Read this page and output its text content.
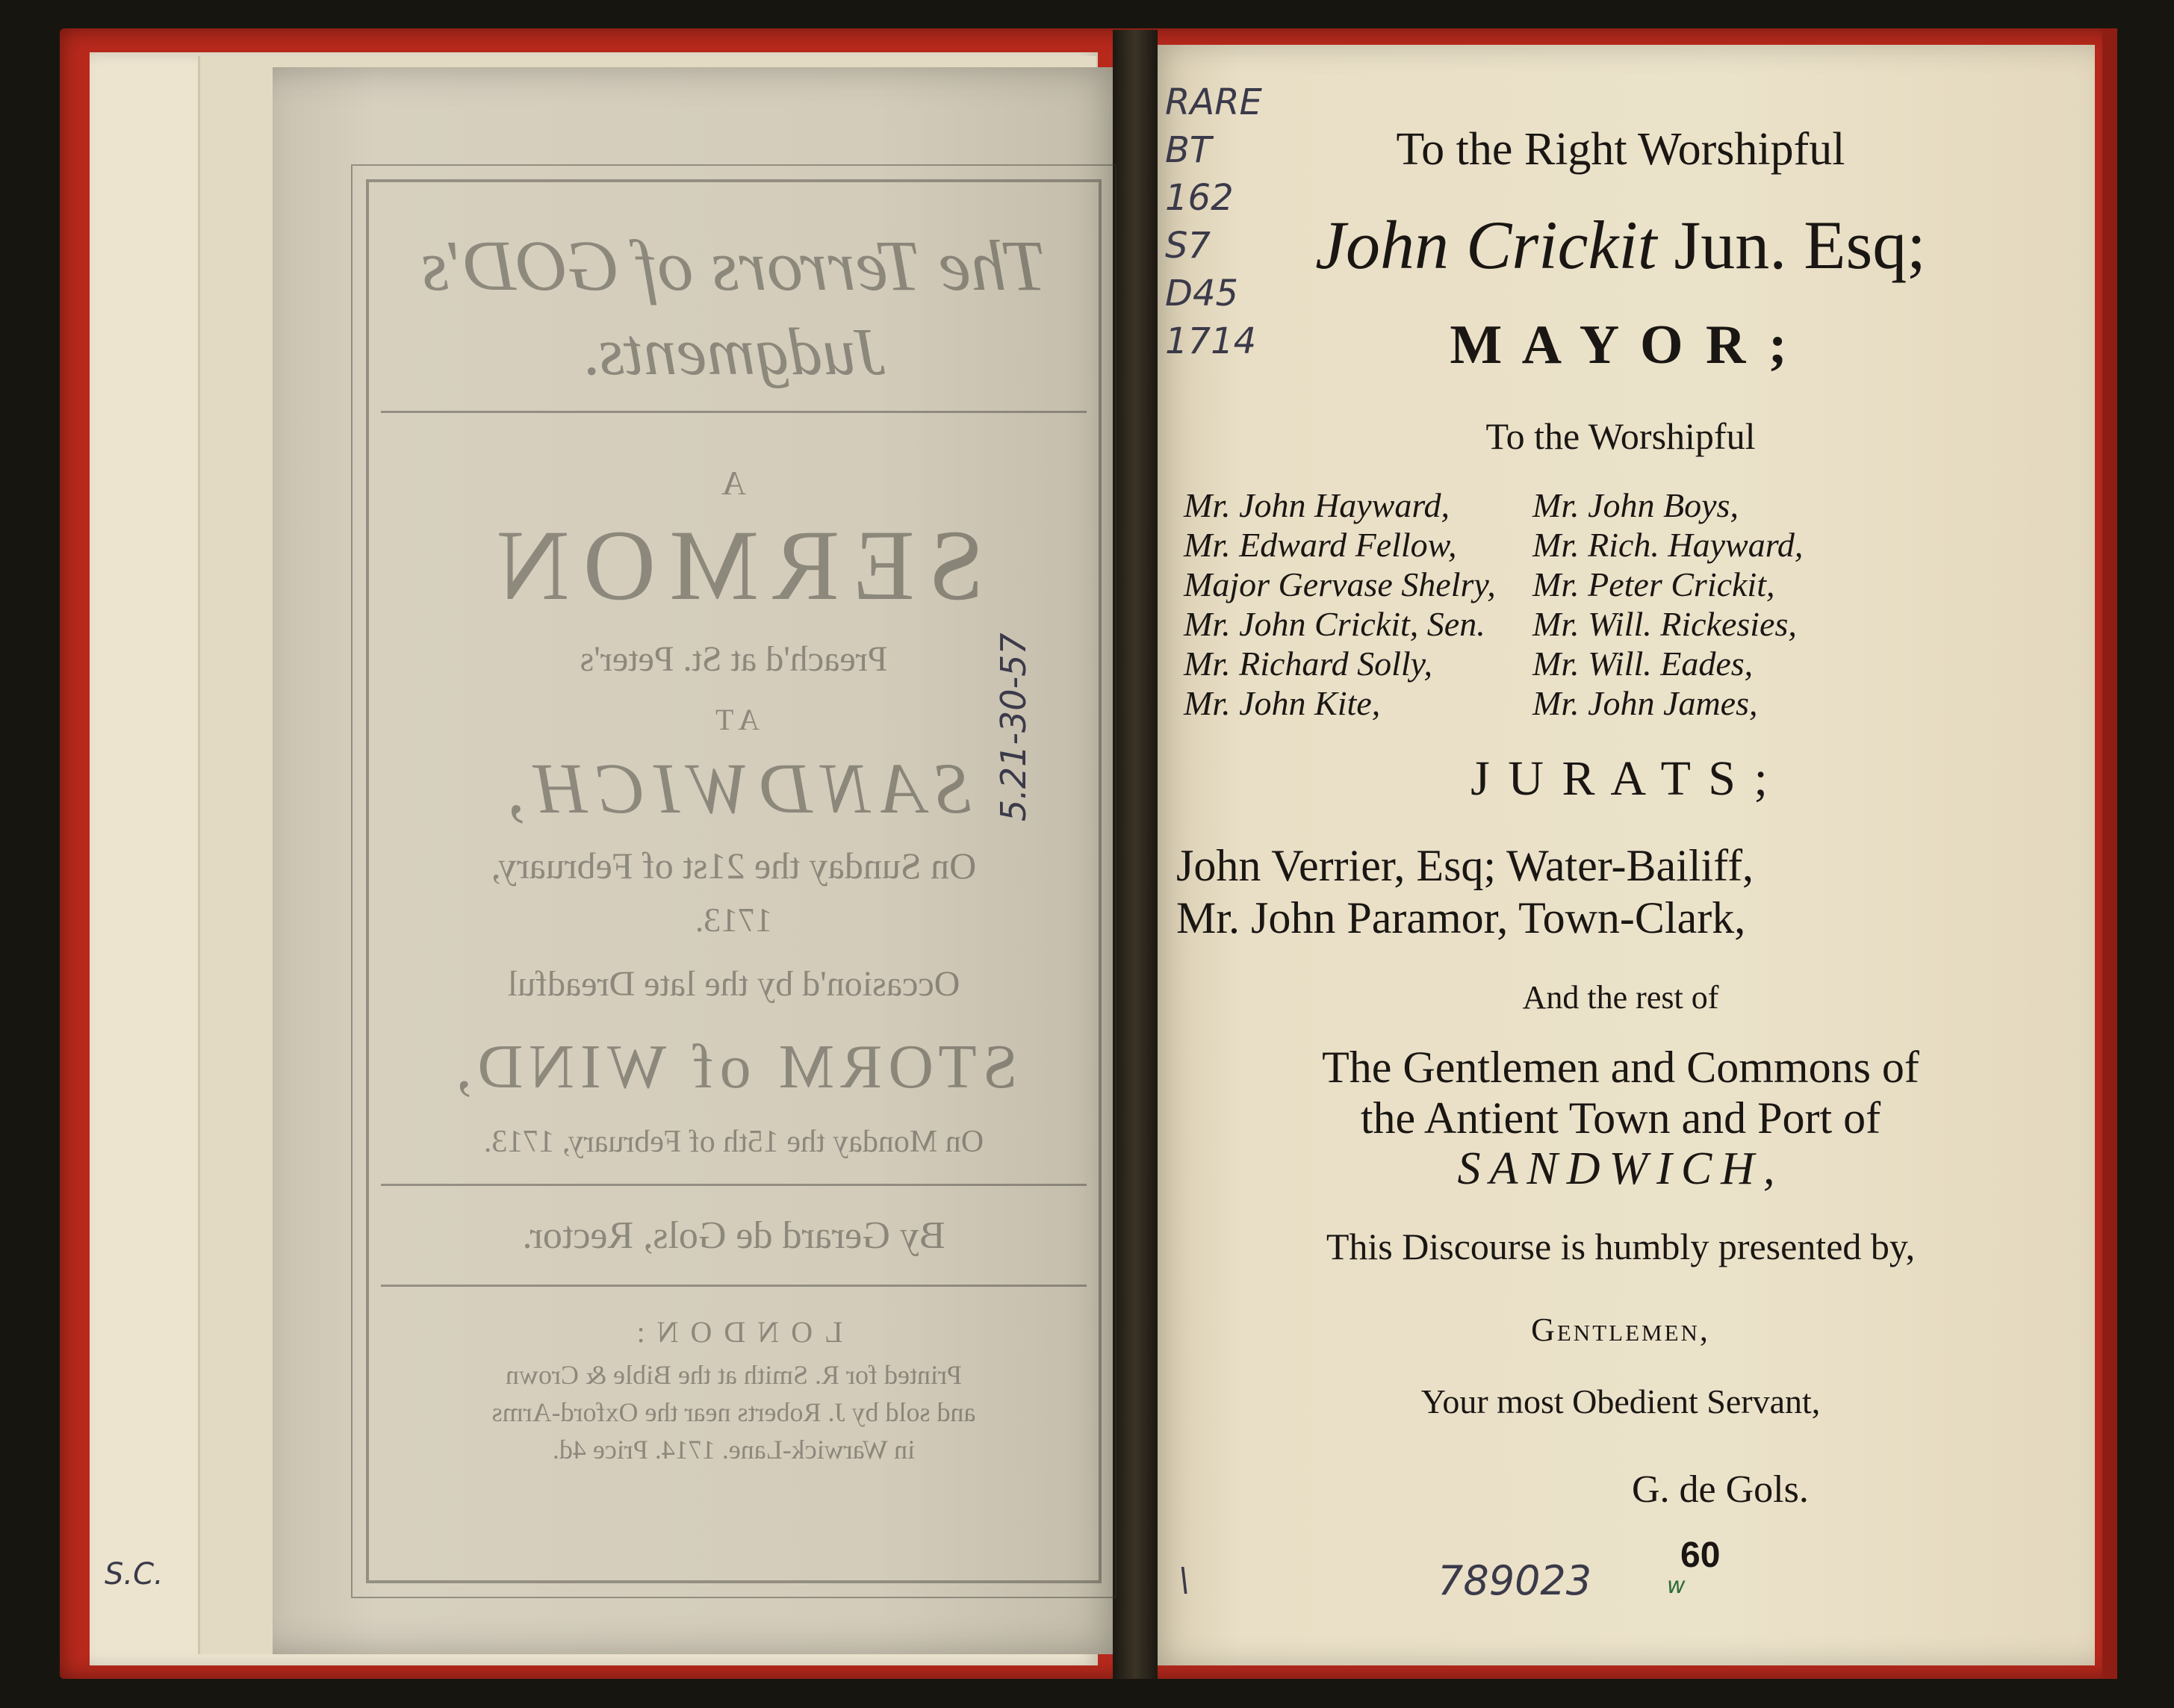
The Terrors of GOD's
Judgments.
A
SERMON
Preach'd at St. Peter's
AT
SANDWICH,
On Sunday the 21st of February,
1713.
Occasion'd by the late Dreadful
STORM of WIND,
On Monday the 15th of February, 1713.
By Gerard de Gols, Rector.
LONDON:
Printed for R. Smith at the Bible & Crown
and sold by J. Roberts near the Oxford-Arms
in Warwick-Lane. 1714. Price 4d.
RARE
BT
162
S7
D45
1714
5.21-30-57
S.C.	789023
\	w
60
To the Right Worshipful
John Crickit Jun. Esq;
M A Y O R ;
To the Worshipful
Mr. John Hayward,
Mr. Edward Fellow,
Major Gervase Shelry,
Mr. John Crickit, Sen.
Mr. Richard Solly,
Mr. John Kite,
Mr. John Boys,
Mr. Rich. Hayward,
Mr. Peter Crickit,
Mr. Will. Rickesies,
Mr. Will. Eades,
Mr. John James,
J U R A T S ;
John Verrier, Esq; Water-Bailiff,
Mr. John Paramor, Town-Clark,
And the rest of
The Gentlemen and Commons of
the Antient Town and Port of
SANDWICH,
This Discourse is humbly presented by,
Gentlemen,
Your most Obedient Servant,
G. de Gols.
